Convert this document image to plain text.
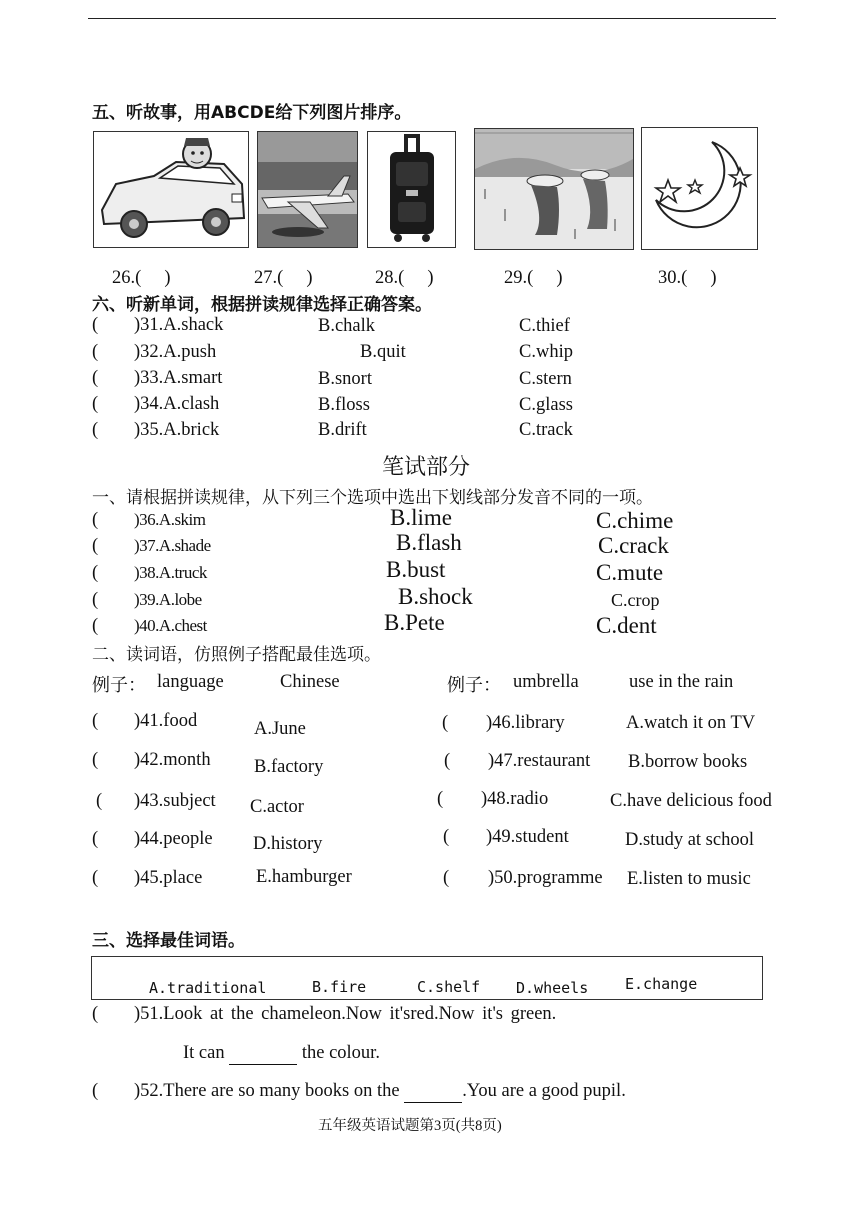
五、听故事，用ABCDE给下列图片排序。
26.(　 )	27.(　 )	28.(　 )	29.(　 )	30.(　 )
六、听新单词，根据拼读规律选择正确答案。
( )31.A.shack	B.chalk	C.thief
( )32.A.push	B.quit	C.whip
( )33.A.smart	B.snort	C.stern
( )34.A.clash	B.floss	C.glass
( )35.A.brick	B.drift	C.track
笔试部分
一、请根据拼读规律，从下列三个选项中选出下划线部分发音不同的一项。
( )36.A.skim	B.lime	C.chime
( )37.A.shade	B.flash	C.crack
( )38.A.truck	B.bust	C.mute
( )39.A.lobe	B.shock	C.crop
( )40.A.chest	B.Pete	C.dent
二、读词语，仿照例子搭配最佳选项。
例子： language	Chinese	例子： umbrella	use in the rain
( )41.food	A.June	( )46.library	A.watch it on TV
( )42.month B.factory	( )47.restaurant B.borrow books
( )43.subject C.actor	( )48.radio	C.have delicious food
( )44.people D.history	( )49.student	D.study at school
( )45.place	E.hamburger	( )50.programme E.listen to music
三、选择最佳词语。
A.traditional	B.fire	C.shelf D.wheels E.change
( )51.Look at the chameleon.Now it'sred.Now it's green.
It can	the colour.
( )52.There are so many books on the	.You are a good pupil.
五年级英语试题第3页(共8页)
